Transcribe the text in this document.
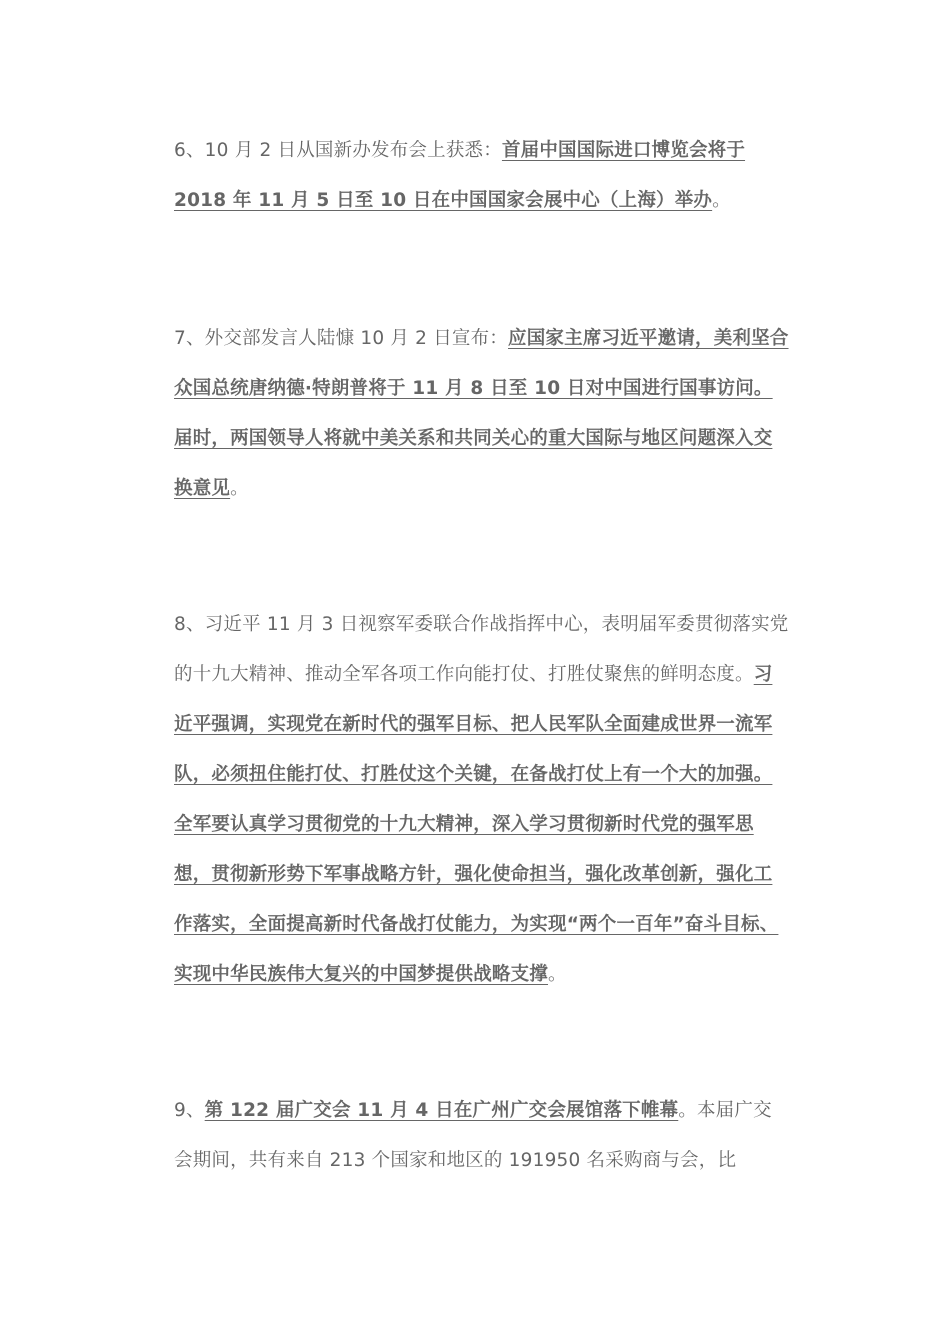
6、10 月 2 日从国新办发布会上获悉：首届中国国际进口博览会将于 2018 年 11 月 5 日至 10 日在中国国家会展中心（上海）举办。

7、外交部发言人陆慷 10 月 2 日宣布：应国家主席习近平邀请，美利坚合众国总统唐纳德·特朗普将于 11 月 8 日至 10 日对中国进行国事访问。届时，两国领导人将就中美关系和共同关心的重大国际与地区问题深入交换意见。

8、习近平 11 月 3 日视察军委联合作战指挥中心，表明届军委贯彻落实党的十九大精神、推动全军各项工作向能打仗、打胜仗聚焦的鲜明态度。习近平强调，实现党在新时代的强军目标、把人民军队全面建成世界一流军队，必须扭住能打仗、打胜仗这个关键，在备战打仗上有一个大的加强。全军要认真学习贯彻党的十九大精神，深入学习贯彻新时代党的强军思想，贯彻新形势下军事战略方针，强化使命担当，强化改革创新，强化工作落实，全面提高新时代备战打仗能力，为实现“两个一百年”奋斗目标、实现中华民族伟大复兴的中国梦提供战略支撑。

9、第 122 届广交会 11 月 4 日在广州广交会展馆落下帷幕。本届广交会期间，共有来自 213 个国家和地区的 191950 名采购商与会，比
